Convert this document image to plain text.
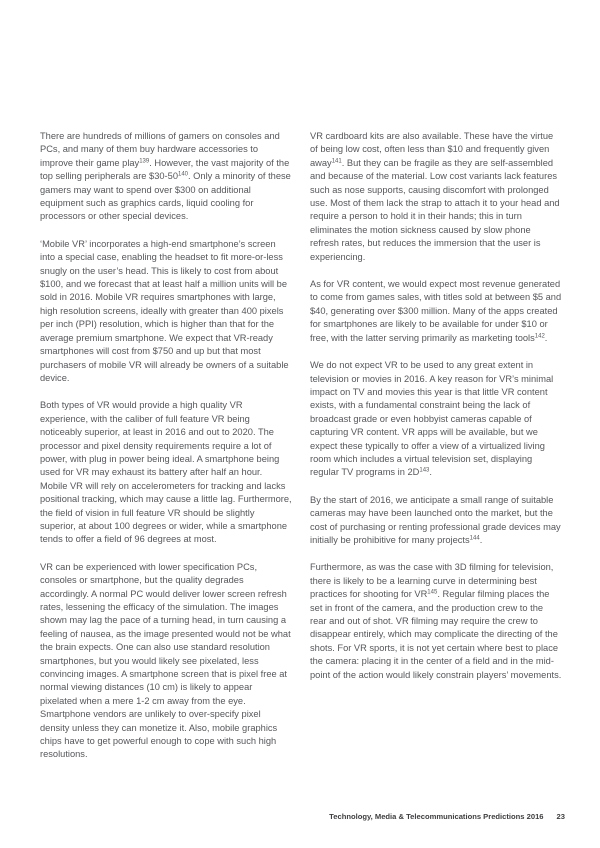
There are hundreds of millions of gamers on consoles and PCs, and many of them buy hardware accessories to improve their game play$^{139}$. However, the vast majority of the top selling peripherals are $30-50$^{140}$. Only a minority of these gamers may want to spend over $300 on additional equipment such as graphics cards, liquid cooling for processors or other special devices.

‘Mobile VR’ incorporates a high-end smartphone’s screen into a special case, enabling the headset to fit more-or-less snugly on the user’s head. This is likely to cost from about $100, and we forecast that at least half a million units will be sold in 2016. Mobile VR requires smartphones with large, high resolution screens, ideally with greater than 400 pixels per inch (PPI) resolution, which is higher than that for the average premium smartphone. We expect that VR-ready smartphones will cost from $750 and up but that most purchasers of mobile VR will already be owners of a suitable device.

Both types of VR would provide a high quality VR experience, with the caliber of full feature VR being noticeably superior, at least in 2016 and out to 2020. The processor and pixel density requirements require a lot of power, with plug in power being ideal. A smartphone being used for VR may exhaust its battery after half an hour. Mobile VR will rely on accelerometers for tracking and lacks positional tracking, which may cause a little lag. Furthermore, the field of vision in full feature VR should be slightly superior, at about 100 degrees or wider, while a smartphone tends to offer a field of 96 degrees at most.

VR can be experienced with lower specification PCs, consoles or smartphone, but the quality degrades accordingly. A normal PC would deliver lower screen refresh rates, lessening the efficacy of the simulation. The images shown may lag the pace of a turning head, in turn causing a feeling of nausea, as the image presented would not be what the brain expects. One can also use standard resolution smartphones, but you would likely see pixelated, less convincing images. A smartphone screen that is pixel free at normal viewing distances (10 cm) is likely to appear pixelated when a mere 1-2 cm away from the eye. Smartphone vendors are unlikely to over-specify pixel density unless they can monetize it. Also, mobile graphics chips have to get powerful enough to cope with such high resolutions.

VR cardboard kits are also available. These have the virtue of being low cost, often less than $10 and frequently given away$^{141}$. But they can be fragile as they are self-assembled and because of the material. Low cost variants lack features such as nose supports, causing discomfort with prolonged use. Most of them lack the strap to attach it to your head and require a person to hold it in their hands; this in turn eliminates the motion sickness caused by slow phone refresh rates, but reduces the immersion that the user is experiencing.

As for VR content, we would expect most revenue generated to come from games sales, with titles sold at between $5 and $40, generating over $300 million. Many of the apps created for smartphones are likely to be available for under $10 or free, with the latter serving primarily as marketing tools$^{142}$.

We do not expect VR to be used to any great extent in television or movies in 2016. A key reason for VR’s minimal impact on TV and movies this year is that little VR content exists, with a fundamental constraint being the lack of broadcast grade or even hobbyist cameras capable of capturing VR content. VR apps will be available, but we expect these typically to offer a view of a virtualized living room which includes a virtual television set, displaying regular TV programs in 2D$^{143}$.

By the start of 2016, we anticipate a small range of suitable cameras may have been launched onto the market, but the cost of purchasing or renting professional grade devices may initially be prohibitive for many projects$^{144}$.

Furthermore, as was the case with 3D filming for television, there is likely to be a learning curve in determining best practices for shooting for VR$^{145}$. Regular filming places the set in front of the camera, and the production crew to the rear and out of shot. VR filming may require the crew to disappear entirely, which may complicate the directing of the shots. For VR sports, it is not yet certain where best to place the camera: placing it in the center of a field and in the mid-point of the action would likely constrain players’ movements.

Technology, Media & Telecommunications Predictions 2016 23
